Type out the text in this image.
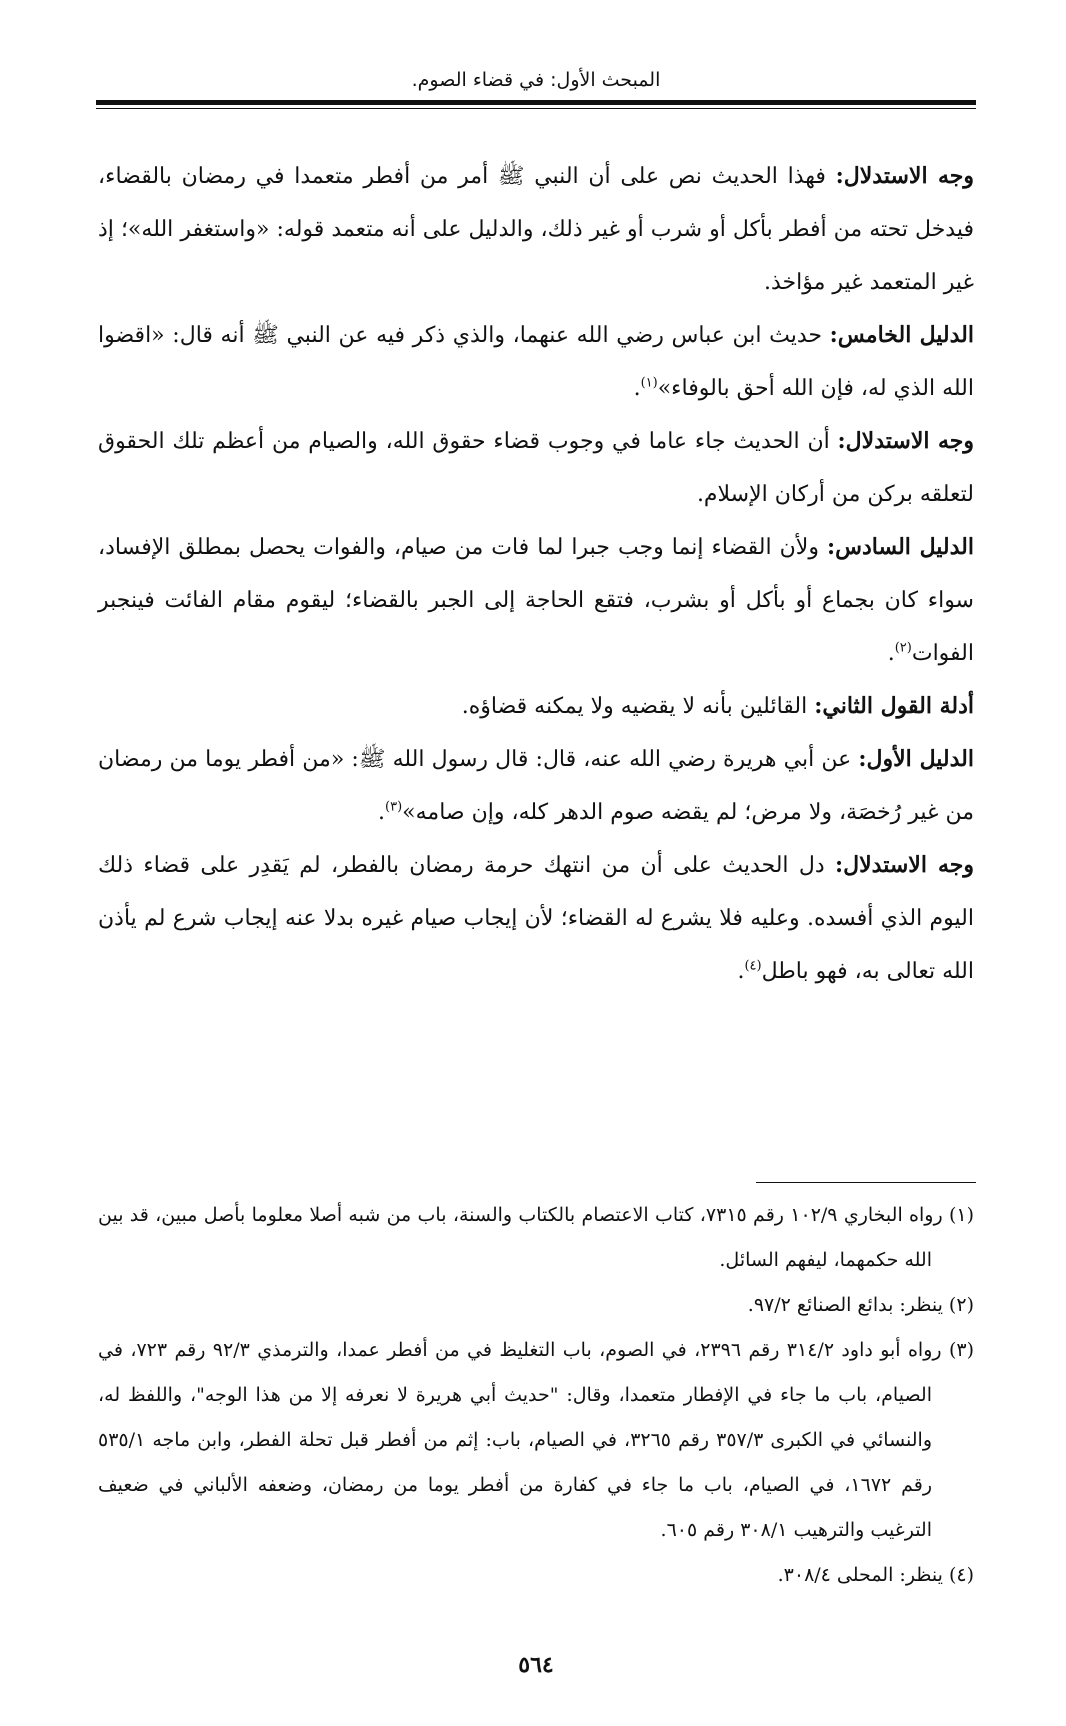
المبحث الأول: في قضاء الصوم.

وجه الاستدلال: فهذا الحديث نص على أن النبي ﷺ أمر من أفطر متعمدا في رمضان بالقضاء، فيدخل تحته من أفطر بأكل أو شرب أو غير ذلك، والدليل على أنه متعمد قوله: «واستغفر الله»؛ إذ غير المتعمد غير مؤاخذ.

الدليل الخامس: حديث ابن عباس رضي الله عنهما، والذي ذكر فيه عن النبي ﷺ أنه قال: «اقضوا الله الذي له، فإن الله أحق بالوفاء»$^{(١)}$.

وجه الاستدلال: أن الحديث جاء عاما في وجوب قضاء حقوق الله، والصيام من أعظم تلك الحقوق لتعلقه بركن من أركان الإسلام.

الدليل السادس: ولأن القضاء إنما وجب جبرا لما فات من صيام، والفوات يحصل بمطلق الإفساد، سواء كان بجماع أو بأكل أو بشرب، فتقع الحاجة إلى الجبر بالقضاء؛ ليقوم مقام الفائت فينجبر الفوات$^{(٢)}$.

أدلة القول الثاني: القائلين بأنه لا يقضيه ولا يمكنه قضاؤه.

الدليل الأول: عن أبي هريرة رضي الله عنه، قال: قال رسول الله ﷺ: «من أفطر يوما من رمضان من غير رُخصَة، ولا مرض؛ لم يقضه صوم الدهر كله، وإن صامه»$^{(٣)}$.

وجه الاستدلال: دل الحديث على أن من انتهك حرمة رمضان بالفطر، لم يَقدِر على قضاء ذلك اليوم الذي أفسده. وعليه فلا يشرع له القضاء؛ لأن إيجاب صيام غيره بدلا عنه إيجاب شرع لم يأذن الله تعالى به، فهو باطل$^{(٤)}$.

(١) رواه البخاري ١٠٢/٩ رقم ٧٣١٥، كتاب الاعتصام بالكتاب والسنة، باب من شبه أصلا معلوما بأصل مبين، قد بين الله حكمهما، ليفهم السائل.

(٢) ينظر: بدائع الصنائع ٩٧/٢.

(٣) رواه أبو داود ٣١٤/٢ رقم ٢٣٩٦، في الصوم، باب التغليظ في من أفطر عمدا، والترمذي ٩٢/٣ رقم ٧٢٣، في الصيام، باب ما جاء في الإفطار متعمدا، وقال: "حديث أبي هريرة لا نعرفه إلا من هذا الوجه"، واللفظ له، والنسائي في الكبرى ٣٥٧/٣ رقم ٣٢٦٥، في الصيام، باب: إثم من أفطر قبل تحلة الفطر، وابن ماجه ٥٣٥/١ رقم ١٦٧٢، في الصيام، باب ما جاء في كفارة من أفطر يوما من رمضان، وضعفه الألباني في ضعيف الترغيب والترهيب ٣٠٨/١ رقم ٦٠٥.

(٤) ينظر: المحلى ٣٠٨/٤.

٥٦٤
